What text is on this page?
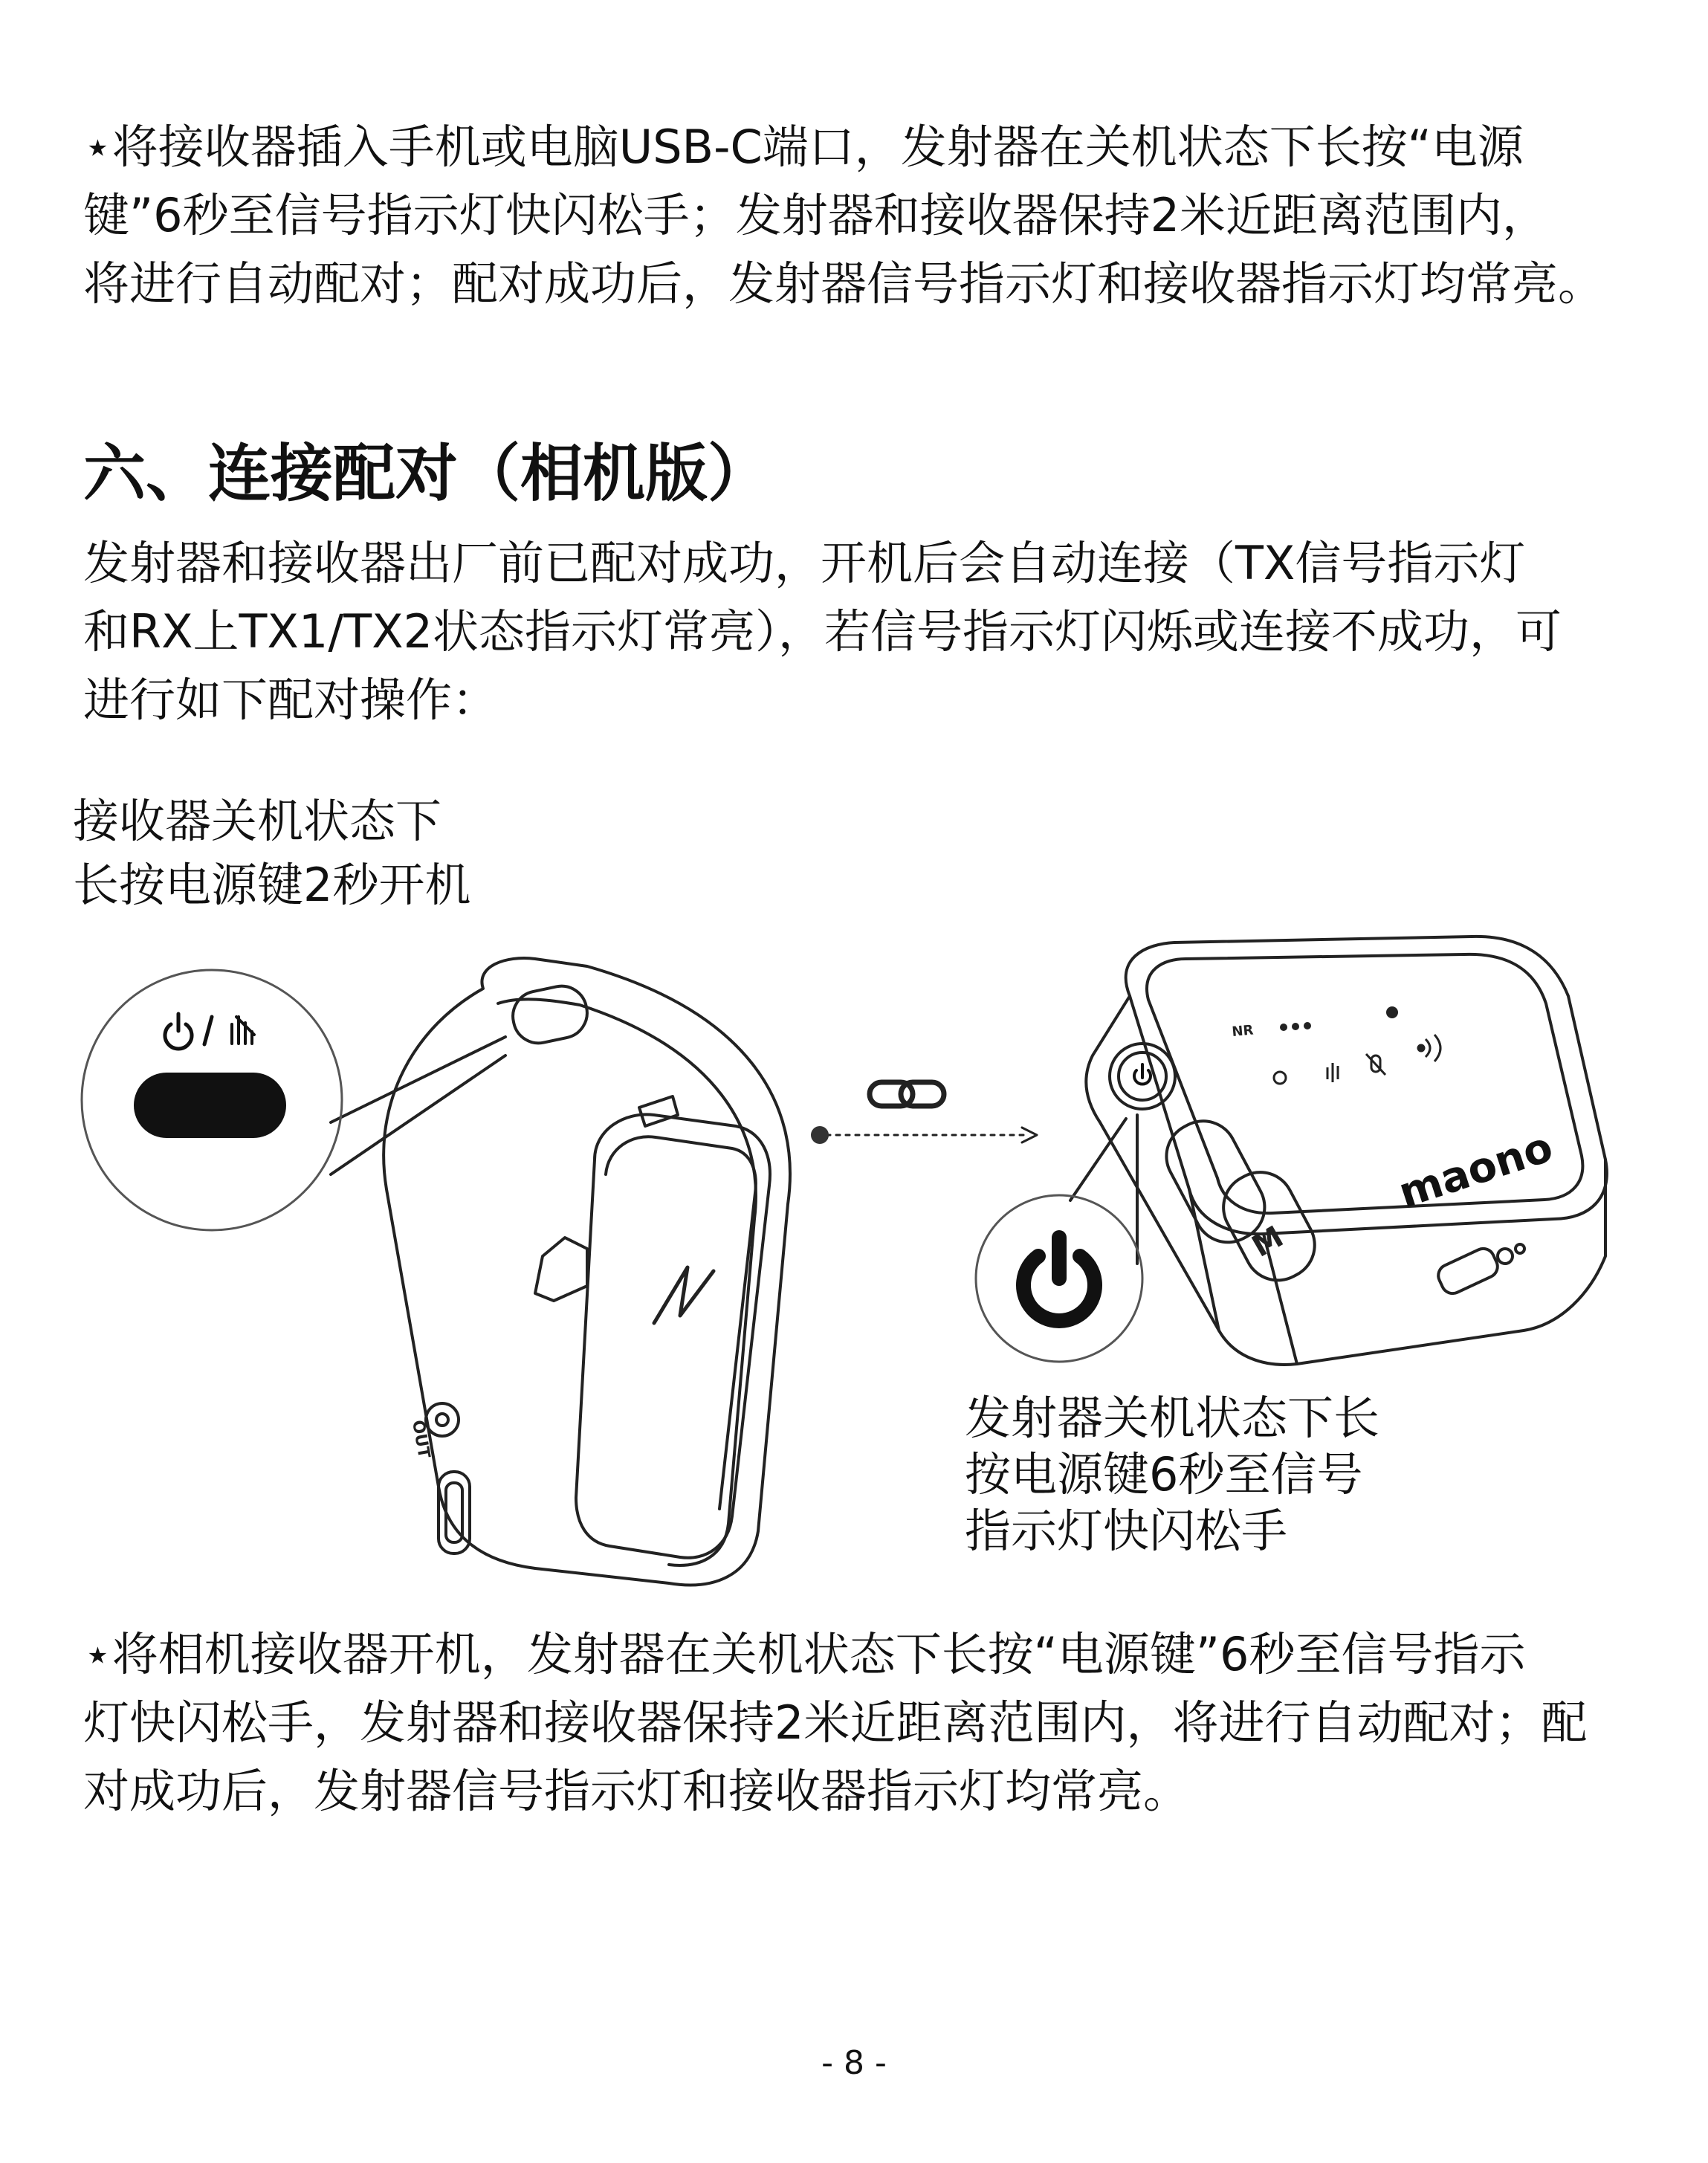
⋆将接收器插入手机或电脑USB-C端口，发射器在关机状态下长按“电源
键”6秒至信号指示灯快闪松手；发射器和接收器保持2米近距离范围内，
将进行自动配对；配对成功后，发射器信号指示灯和接收器指示灯均常亮。
六、连接配对（相机版）
发射器和接收器出厂前已配对成功，开机后会自动连接（TX信号指示灯
和RX上TX1/TX2状态指示灯常亮），若信号指示灯闪烁或连接不成功，可
进行如下配对操作：
接收器关机状态下
长按电源键2秒开机
NR
maono
M
OUT	发射器关机状态下长
按电源键6秒至信号
指示灯快闪松手
⋆将相机接收器开机，发射器在关机状态下长按“电源键”6秒至信号指示
灯快闪松手，发射器和接收器保持2米近距离范围内，将进行自动配对；配
对成功后，发射器信号指示灯和接收器指示灯均常亮。
- 8 -
